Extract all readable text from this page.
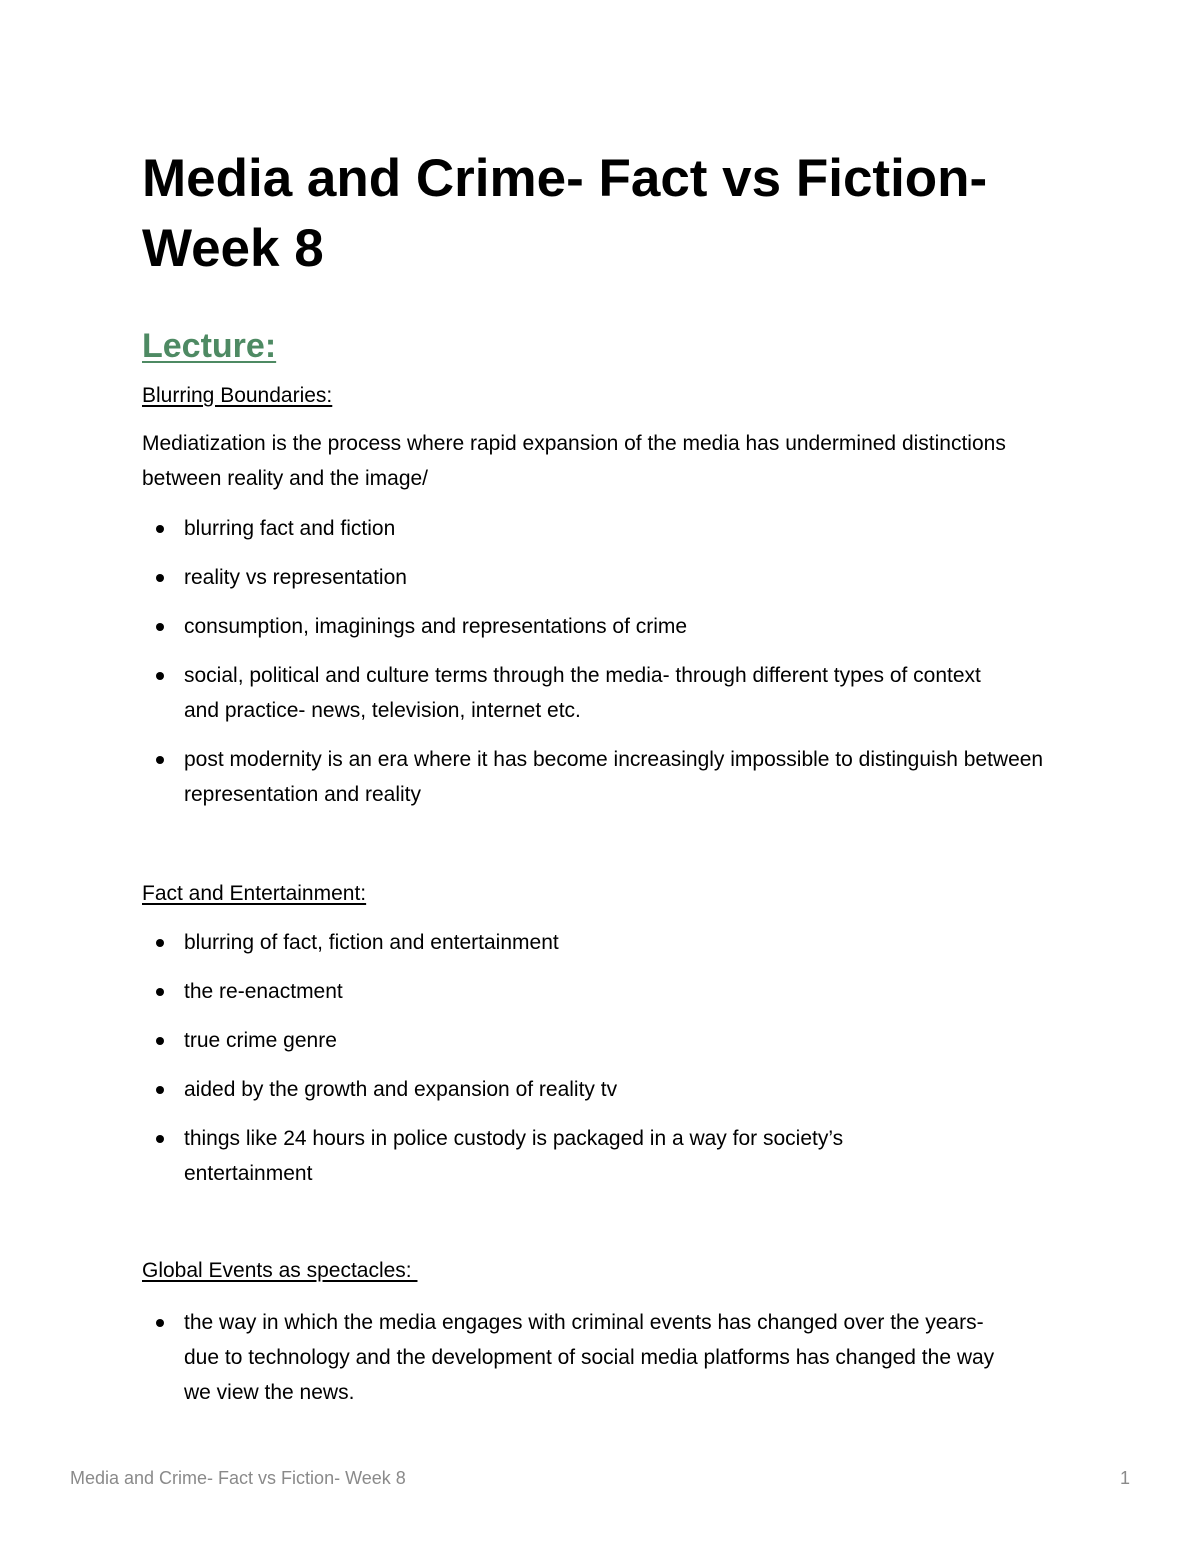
Media and Crime- Fact vs Fiction- Week 8
Lecture:
Blurring Boundaries:

Mediatization is the process where rapid expansion of the media has undermined distinctions between reality and the image/

blurring fact and fiction
reality vs representation
consumption, imaginings and representations of crime
social, political and culture terms through the media- through different types of context and practice- news, television, internet etc.
post modernity is an era where it has become increasingly impossible to distinguish between representation and reality
Fact and Entertainment:
blurring of fact, fiction and entertainment
the re-enactment
true crime genre
aided by the growth and expansion of reality tv
things like 24 hours in police custody is packaged in a way for society’s entertainment
Global Events as spectacles:
the way in which the media engages with criminal events has changed over the years- due to technology and the development of social media platforms has changed the way we view the news.
Media and Crime- Fact vs Fiction- Week 8	1
